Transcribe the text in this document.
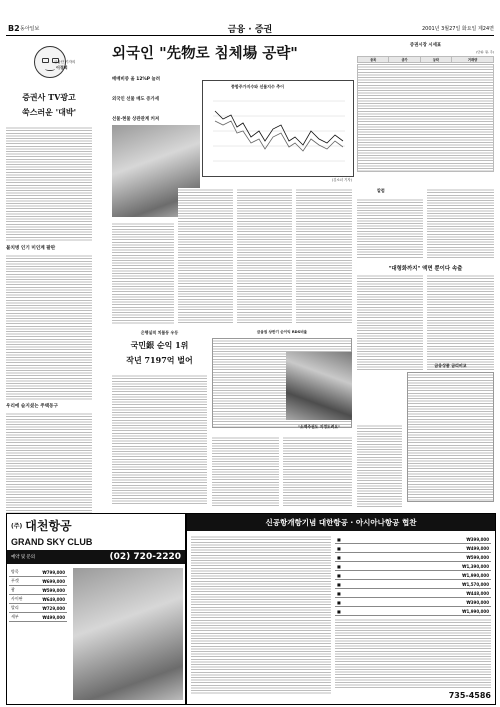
B2 동아일보	금융 · 증권	2001년 3월27일 화요일 제24면
금융단 기자의
이경희
증권사 TV광고
쑥스러운 '대박'
불치병 인기 미인계 팔판
우리에 슬지셨는 주택동구
외국인 "先物로 침체場 공략"
매매비중 올 12%P 늘려
외국인 선물 매도 증가세
선물·현물 상관관계 커져
종합주가지수와 선물지수 추이
(김소녀 기자)
증권시장 시세표
(단위: 원, 주)
종목	종가	등락	거래량
칼럼
"대형화까지" 액면 뿐이다 속출
금융상품 금리비교
은행실적 치불동 우등
국민銀 순익 1위
작년 7197억 벌어
금융권 상반기 순이익 RDS비율
"소액주권도 지정도려요"
(주) 대천항공
GRAND SKY CLUB
예약 및 문의	(02) 720-2220
방콕	₩799,000
푸켓	₩699,000
괌	₩599,000
사이판	₩649,000
발리	₩729,000
세부	₩499,000
신공항개항기념 대한항공 · 아시아나항공 협찬
■	₩399,000
■	₩499,000
■	₩599,000
■	₩1,390,000
■	₩1,990,000
■	₩1,570,000
■	₩448,000
■	₩390,000
■	₩1,990,000
735-4586
